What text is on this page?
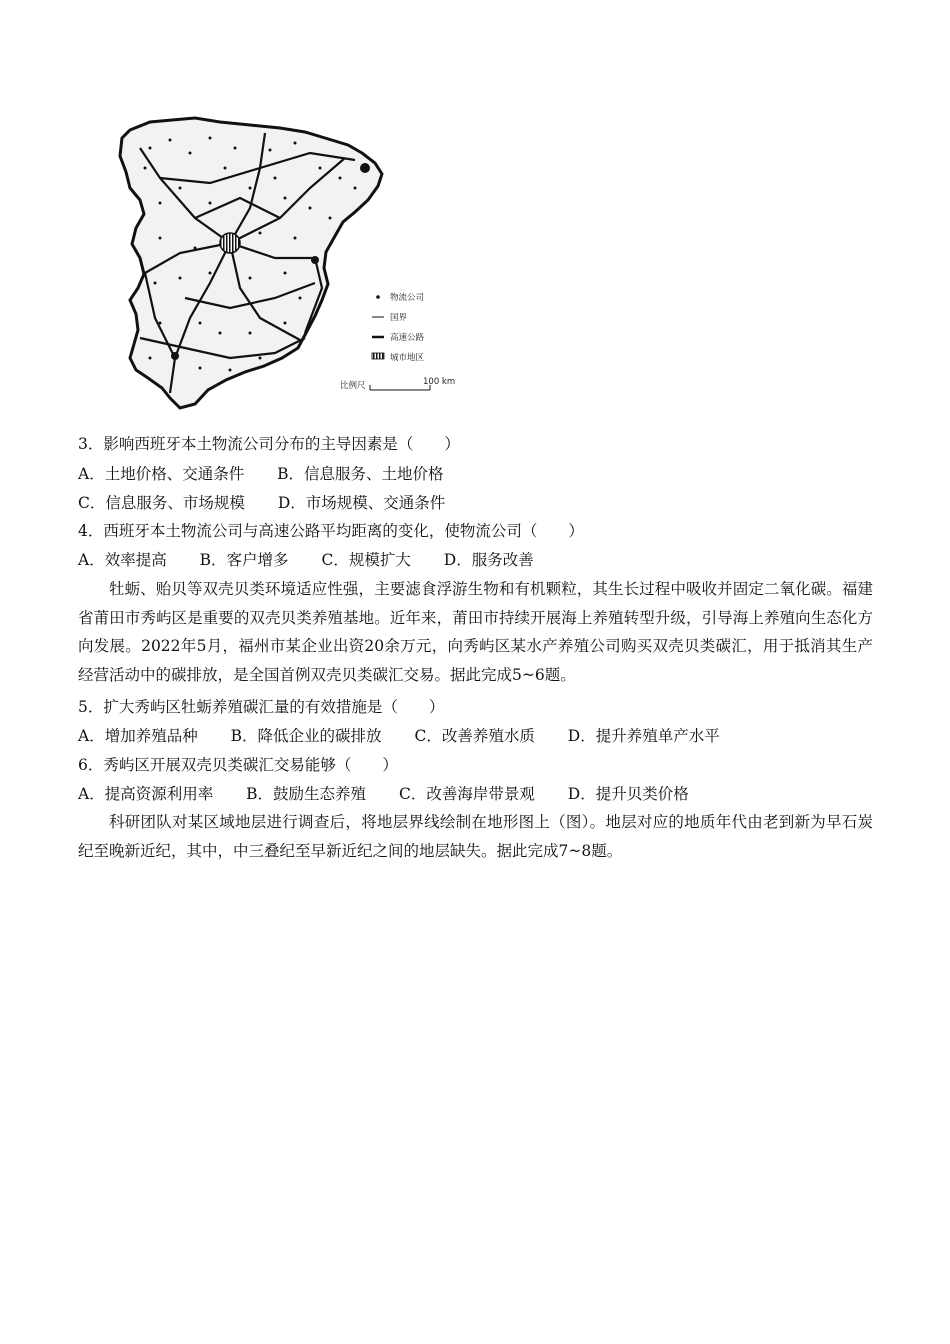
物流公司
国界
高速公路
城市地区
比例尺	100 km
3．影响西班牙本土物流公司分布的主导因素是（　　）
A．土地价格、交通条件 B．信息服务、土地价格
C．信息服务、市场规模 D．市场规模、交通条件
4．西班牙本土物流公司与高速公路平均距离的变化，使物流公司（　　）
A．效率提高 B．客户增多 C．规模扩大 D．服务改善
牡蛎、贻贝等双壳贝类环境适应性强，主要滤食浮游生物和有机颗粒，其生长过程中吸收并固定二氧化碳。福建省莆田市秀屿区是重要的双壳贝类养殖基地。近年来，莆田市持续开展海上养殖转型升级，引导海上养殖向生态化方向发展。2022年5月，福州市某企业出资20余万元，向秀屿区某水产养殖公司购买双壳贝类碳汇，用于抵消其生产经营活动中的碳排放，是全国首例双壳贝类碳汇交易。据此完成5~6题。
5．扩大秀屿区牡蛎养殖碳汇量的有效措施是（　　）
A．增加养殖品种 B．降低企业的碳排放 C．改善养殖水质 D．提升养殖单产水平
6．秀屿区开展双壳贝类碳汇交易能够（　　）
A．提高资源利用率 B．鼓励生态养殖 C．改善海岸带景观 D．提升贝类价格
科研团队对某区域地层进行调查后，将地层界线绘制在地形图上（图）。地层对应的地质年代由老到新为早石炭纪至晚新近纪，其中，中三叠纪至早新近纪之间的地层缺失。据此完成7~8题。
